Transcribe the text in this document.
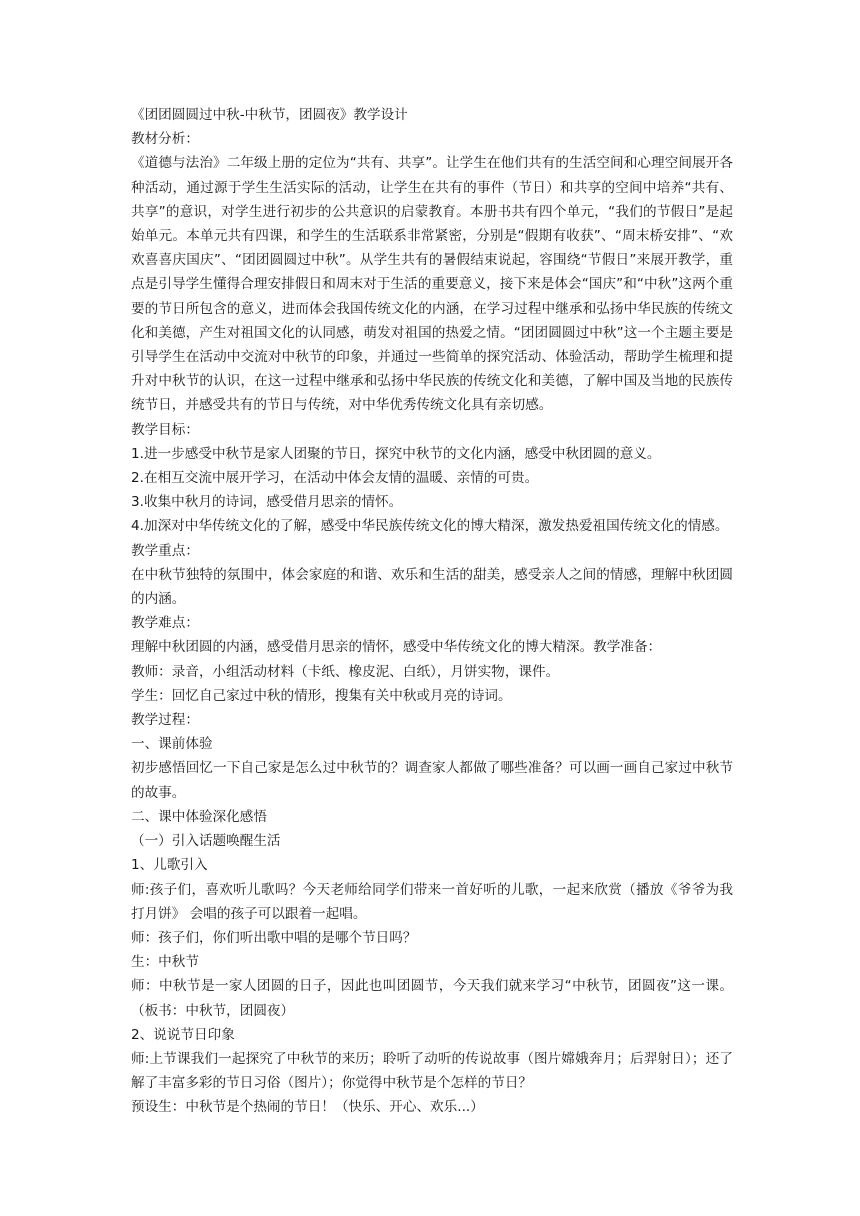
《团团圆圆过中秋-中秋节，团圆夜》教学设计

教材分析：

《道德与法治》二年级上册的定位为“共有、共享”。让学生在他们共有的生活空间和心理空间展开各种活动，通过源于学生生活实际的活动，让学生在共有的事件（节日）和共享的空间中培养“共有、共享”的意识，对学生进行初步的公共意识的启蒙教育。本册书共有四个单元，“我们的节假日”是起始单元。本单元共有四课，和学生的生活联系非常紧密，分别是“假期有收获”、“周末桥安排”、“欢欢喜喜庆国庆”、“团团圆圆过中秋”。从学生共有的暑假结束说起，容围绕“节假日”来展开教学，重点是引导学生懂得合理安排假日和周末对于生活的重要意义，接下来是体会“国庆”和“中秋”这两个重要的节日所包含的意义，进而体会我国传统文化的内涵，在学习过程中继承和弘扬中华民族的传统文化和美德，产生对祖国文化的认同感，萌发对祖国的热爱之情。“团团圆圆过中秋”这一个主题主要是引导学生在活动中交流对中秋节的印象，并通过一些简单的探究活动、体验活动，帮助学生梳理和提升对中秋节的认识，在这一过程中继承和弘扬中华民族的传统文化和美德，了解中国及当地的民族传统节日，并感受共有的节日与传统，对中华优秀传统文化具有亲切感。

教学目标：

1.进一步感受中秋节是家人团聚的节日，探究中秋节的文化内涵，感受中秋团圆的意义。

2.在相互交流中展开学习，在活动中体会友情的温暖、亲情的可贵。

3.收集中秋月的诗词，感受借月思亲的情怀。

4.加深对中华传统文化的了解，感受中华民族传统文化的博大精深，激发热爱祖国传统文化的情感。

教学重点：

在中秋节独特的氛围中，体会家庭的和谐、欢乐和生活的甜美，感受亲人之间的情感，理解中秋团圆的内涵。

教学难点：

理解中秋团圆的内涵，感受借月思亲的情怀，感受中华传统文化的博大精深。教学准备：

教师：录音，小组活动材料（卡纸、橡皮泥、白纸），月饼实物，课件。

学生：回忆自己家过中秋的情形，搜集有关中秋或月亮的诗词。

教学过程：

一、课前体验

初步感悟回忆一下自己家是怎么过中秋节的？调查家人都做了哪些准备？可以画一画自己家过中秋节的故事。

二、课中体验深化感悟

（一）引入话题唤醒生活

1、儿歌引入

师:孩子们，喜欢听儿歌吗？今天老师给同学们带来一首好听的儿歌，一起来欣赏（播放《爷爷为我打月饼》 会唱的孩子可以跟着一起唱。

师：孩子们，你们听出歌中唱的是哪个节日吗？

生：中秋节

师：中秋节是一家人团圆的日子，因此也叫团圆节，今天我们就来学习“中秋节，团圆夜”这一课。（板书：中秋节，团圆夜）

2、说说节日印象

师:上节课我们一起探究了中秋节的来历；聆听了动听的传说故事（图片嫦娥奔月；后羿射日）；还了解了丰富多彩的节日习俗（图片）；你觉得中秋节是个怎样的节日？

预设生：中秋节是个热闹的节日！（快乐、开心、欢乐...）
